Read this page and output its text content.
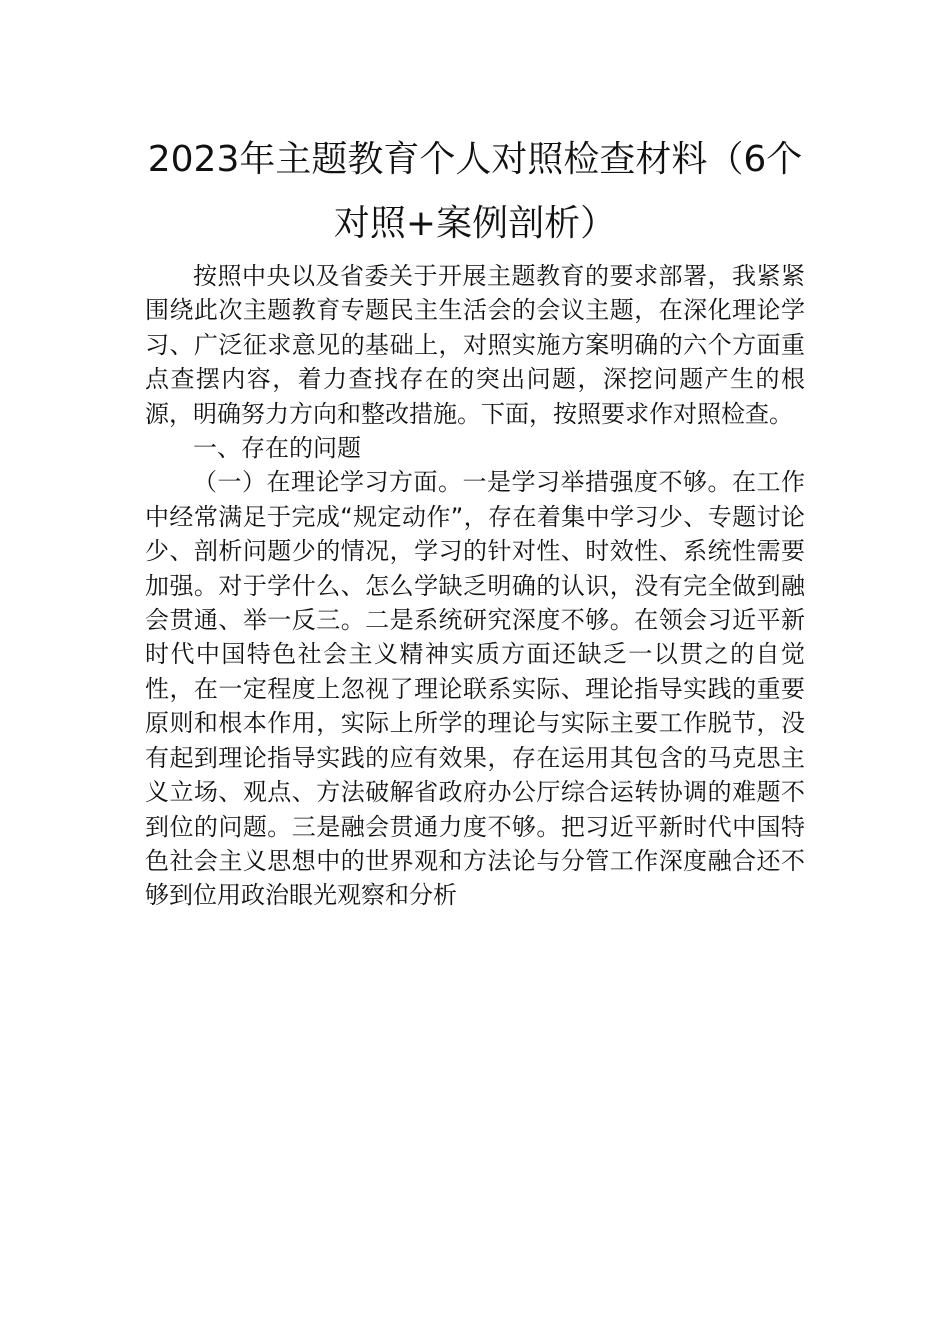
2023年主题教育个人对照检查材料（6个对照+案例剖析）

按照中央以及省委关于开展主题教育的要求部署，我紧紧围绕此次主题教育专题民主生活会的会议主题，在深化理论学习、广泛征求意见的基础上，对照实施方案明确的六个方面重点查摆内容，着力查找存在的突出问题，深挖问题产生的根源，明确努力方向和整改措施。下面，按照要求作对照检查。

一、存在的问题

（一）在理论学习方面。一是学习举措强度不够。在工作中经常满足于完成“规定动作”，存在着集中学习少、专题讨论少、剖析问题少的情况，学习的针对性、时效性、系统性需要加强。对于学什么、怎么学缺乏明确的认识，没有完全做到融会贯通、举一反三。二是系统研究深度不够。在领会习近平新时代中国特色社会主义精神实质方面还缺乏一以贯之的自觉性，在一定程度上忽视了理论联系实际、理论指导实践的重要原则和根本作用，实际上所学的理论与实际主要工作脱节，没有起到理论指导实践的应有效果，存在运用其包含的马克思主义立场、观点、方法破解省政府办公厅综合运转协调的难题不到位的问题。三是融会贯通力度不够。把习近平新时代中国特色社会主义思想中的世界观和方法论与分管工作深度融合还不够到位用政治眼光观察和分析
